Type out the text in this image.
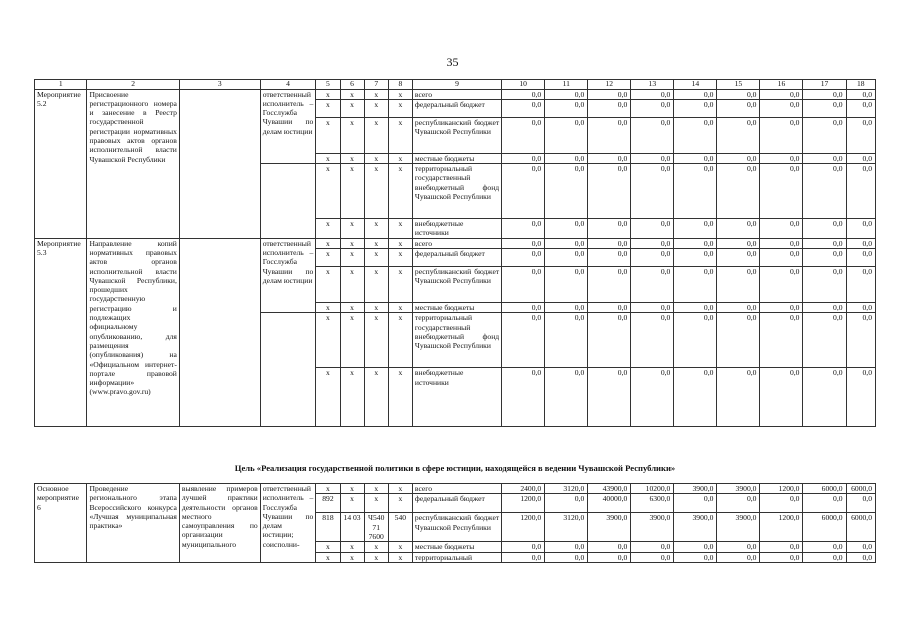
35
1	2	3	4	5	6	7	8	9	10	11	12	13	14	15	16	17	18
Мероприятие 5.2	Присвоение регистрационного номера и занесение в Реестр государственной регистрации нормативных правовых актов органов исполнительной власти Чувашской Республики		ответственный исполнитель – Госслужба Чувашии по делам юстиции	x	x	x	x	всего	0,0	0,0	0,0	0,0	0,0	0,0	0,0	0,0	0,0
				x	x	x	x	федеральный бюджет	0,0	0,0	0,0	0,0	0,0	0,0	0,0	0,0	0,0
				x	x	x	x	республиканский бюджет Чувашской Республики	0,0	0,0	0,0	0,0	0,0	0,0	0,0	0,0	0,0
				x	x	x	x	местные бюджеты	0,0	0,0	0,0	0,0	0,0	0,0	0,0	0,0	0,0
				x	x	x	x	территориальный государственный внебюджетный фонд Чувашской Республики	0,0	0,0	0,0	0,0	0,0	0,0	0,0	0,0	0,0
				x	x	x	x	внебюджетные источники	0,0	0,0	0,0	0,0	0,0	0,0	0,0	0,0	0,0
Мероприятие 5.3	Направление копий нормативных правовых актов органов исполнительной власти Чувашской Республики, прошедших государственную регистрацию и подлежащих официальному опубликованию, для размещения (опубликования) на «Официальном интернет-портале правовой информации» (www.pravo.gov.ru)		ответственный исполнитель – Госслужба Чувашии по делам юстиции	x	x	x	x	всего	0,0	0,0	0,0	0,0	0,0	0,0	0,0	0,0	0,0
				x	x	x	x	федеральный бюджет	0,0	0,0	0,0	0,0	0,0	0,0	0,0	0,0	0,0
				x	x	x	x	республиканский бюджет Чувашской Республики	0,0	0,0	0,0	0,0	0,0	0,0	0,0	0,0	0,0
				x	x	x	x	местные бюджеты	0,0	0,0	0,0	0,0	0,0	0,0	0,0	0,0	0,0
				x	x	x	x	территориальный государственный внебюджетный фонд Чувашской Республики	0,0	0,0	0,0	0,0	0,0	0,0	0,0	0,0	0,0
				x	x	x	x	внебюджетные источники	0,0	0,0	0,0	0,0	0,0	0,0	0,0	0,0	0,0
Цель «Реализация государственной политики в сфере юстиции, находящейся в ведении Чувашской Республики»
Основное мероприятие 6	Проведение регионального этапа Всероссийского конкурса «Лучшая муниципальная практика»	выявление примеров лучшей практики деятельности органов местного самоуправления по организации муниципального	ответственный исполнитель – Госслужба Чувашии по делам юстиции; соисполни-	x	x	x	x	всего	2400,0	3120,0	43900,0	10200,0	3900,0	3900,0	1200,0	6000,0	6000,0
				892	x	x	x	федеральный бюджет	1200,0	0,0	40000,0	6300,0	0,0	0,0	0,0	0,0	0,0
				818	14 03	Ч54071 7600	540	республиканский бюджет Чувашской Республики	1200,0	3120,0	3900,0	3900,0	3900,0	3900,0	1200,0	6000,0	6000,0
				x	x	x	x	местные бюджеты	0,0	0,0	0,0	0,0	0,0	0,0	0,0	0,0	0,0
				x	x	x	x	территориальный	0,0	0,0	0,0	0,0	0,0	0,0	0,0	0,0	0,0
